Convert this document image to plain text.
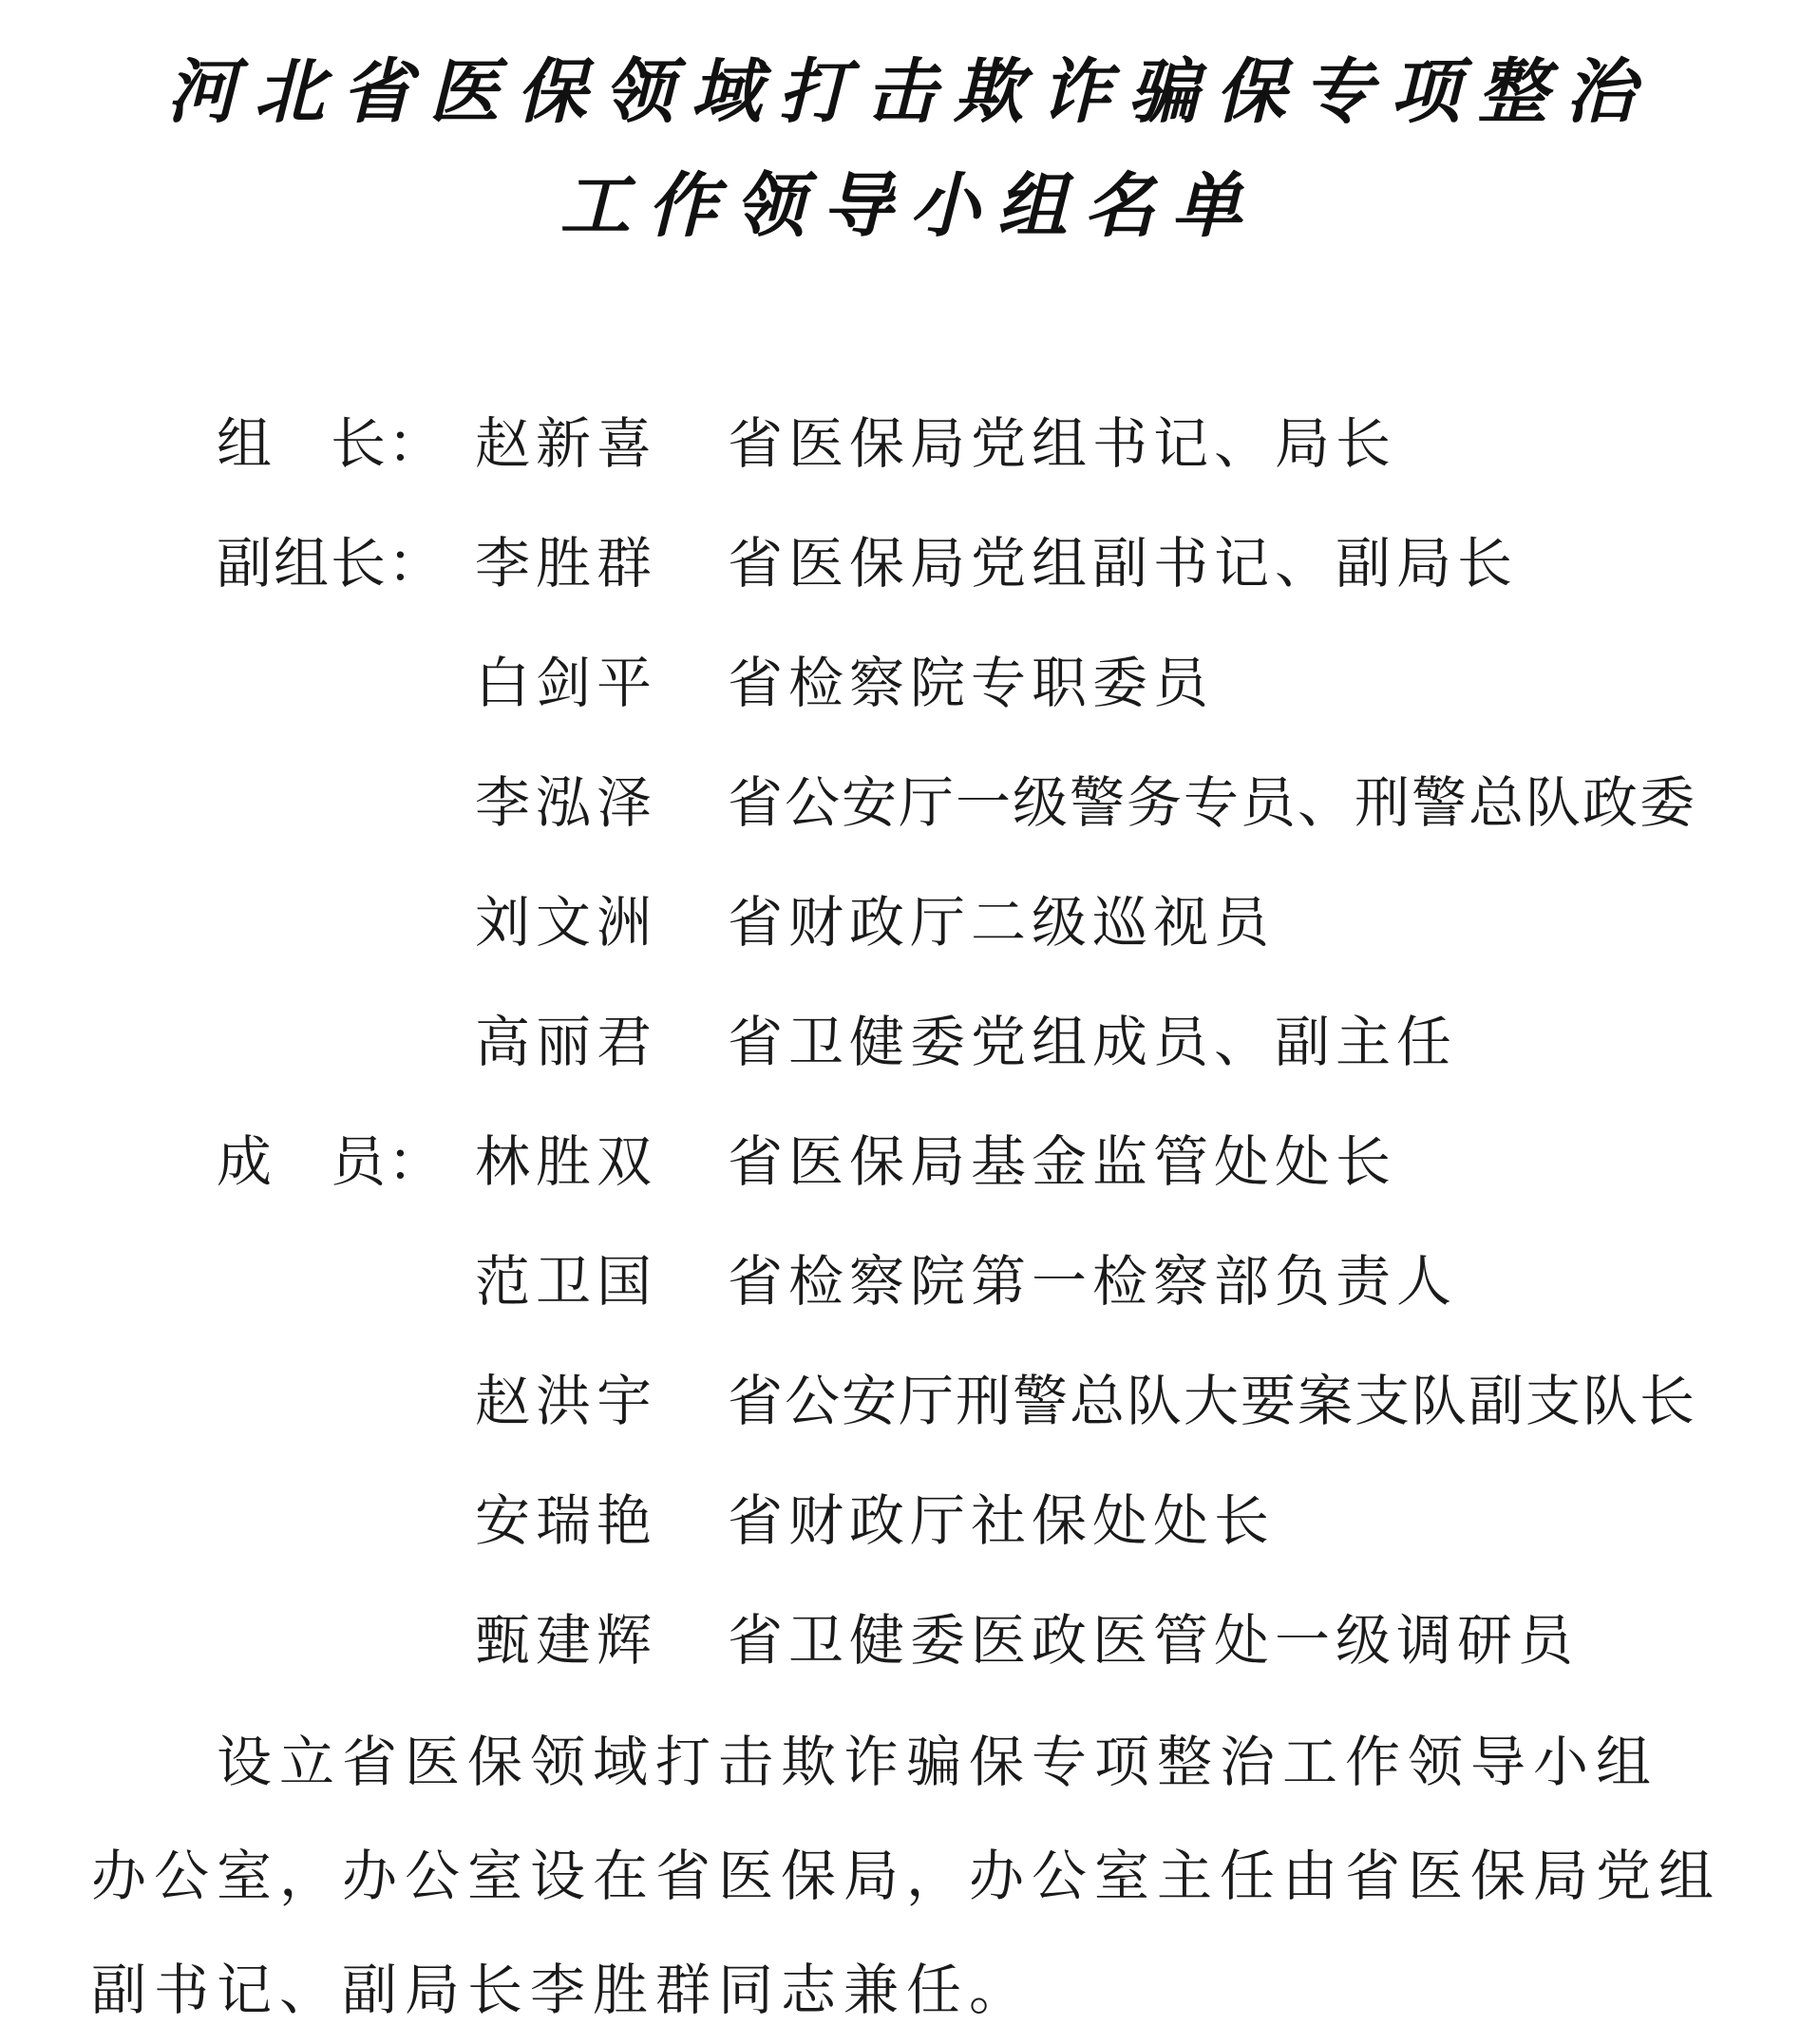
河北省医保领域打击欺诈骗保专项整治
工作领导小组名单
组　长： 赵新喜 省医保局党组书记、局长
副组长： 李胜群 省医保局党组副书记、副局长
白剑平 省检察院专职委员
李泓泽 省公安厅一级警务专员、刑警总队政委
刘文洲 省财政厅二级巡视员
高丽君 省卫健委党组成员、副主任
成　员： 林胜双 省医保局基金监管处处长
范卫国 省检察院第一检察部负责人
赵洪宇 省公安厅刑警总队大要案支队副支队长
安瑞艳 省财政厅社保处处长
甄建辉 省卫健委医政医管处一级调研员
设立省医保领域打击欺诈骗保专项整治工作领导小组
办公室，办公室设在省医保局，办公室主任由省医保局党组
副书记、副局长李胜群同志兼任。
